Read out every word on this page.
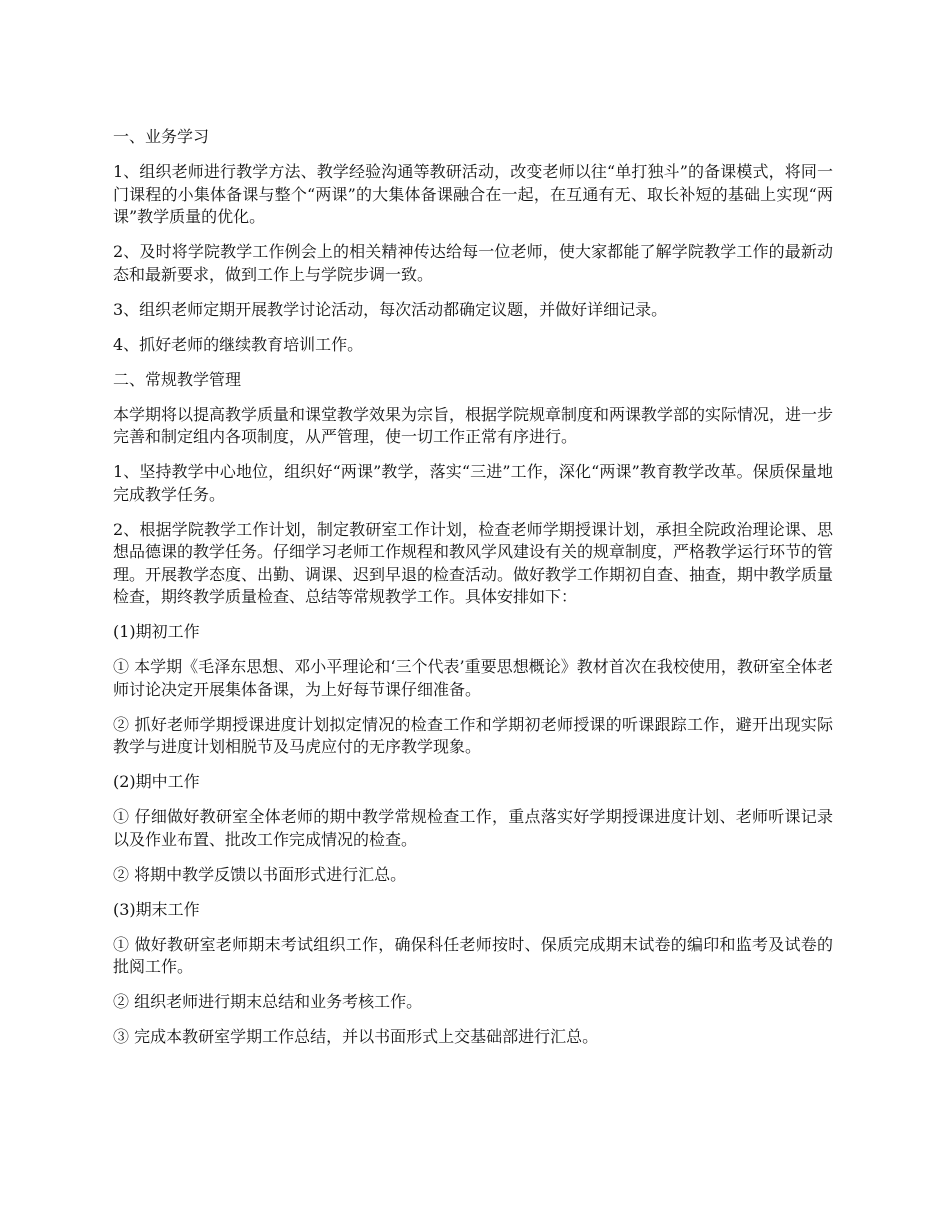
一、业务学习

1、组织老师进行教学方法、教学经验沟通等教研活动，改变老师以往“单打独斗”的备课模式，将同一门课程的小集体备课与整个“两课”的大集体备课融合在一起，在互通有无、取长补短的基础上实现“两课”教学质量的优化。

2、及时将学院教学工作例会上的相关精神传达给每一位老师，使大家都能了解学院教学工作的最新动态和最新要求，做到工作上与学院步调一致。

3、组织老师定期开展教学讨论活动，每次活动都确定议题，并做好详细记录。

4、抓好老师的继续教育培训工作。

二、常规教学管理

本学期将以提高教学质量和课堂教学效果为宗旨，根据学院规章制度和两课教学部的实际情况，进一步完善和制定组内各项制度，从严管理，使一切工作正常有序进行。

1、坚持教学中心地位，组织好“两课”教学，落实“三进”工作，深化“两课”教育教学改革。保质保量地完成教学任务。

2、根据学院教学工作计划，制定教研室工作计划，检查老师学期授课计划，承担全院政治理论课、思想品德课的教学任务。仔细学习老师工作规程和教风学风建设有关的规章制度，严格教学运行环节的管理。开展教学态度、出勤、调课、迟到早退的检查活动。做好教学工作期初自查、抽查，期中教学质量检查，期终教学质量检查、总结等常规教学工作。具体安排如下：

(1)期初工作

① 本学期《毛泽东思想、邓小平理论和‘三个代表’重要思想概论》教材首次在我校使用，教研室全体老师讨论决定开展集体备课，为上好每节课仔细准备。

② 抓好老师学期授课进度计划拟定情况的检查工作和学期初老师授课的听课跟踪工作，避开出现实际教学与进度计划相脱节及马虎应付的无序教学现象。

(2)期中工作

① 仔细做好教研室全体老师的期中教学常规检查工作，重点落实好学期授课进度计划、老师听课记录以及作业布置、批改工作完成情况的检查。

② 将期中教学反馈以书面形式进行汇总。

(3)期末工作

① 做好教研室老师期末考试组织工作，确保科任老师按时、保质完成期末试卷的编印和监考及试卷的批阅工作。

② 组织老师进行期末总结和业务考核工作。

③ 完成本教研室学期工作总结，并以书面形式上交基础部进行汇总。
